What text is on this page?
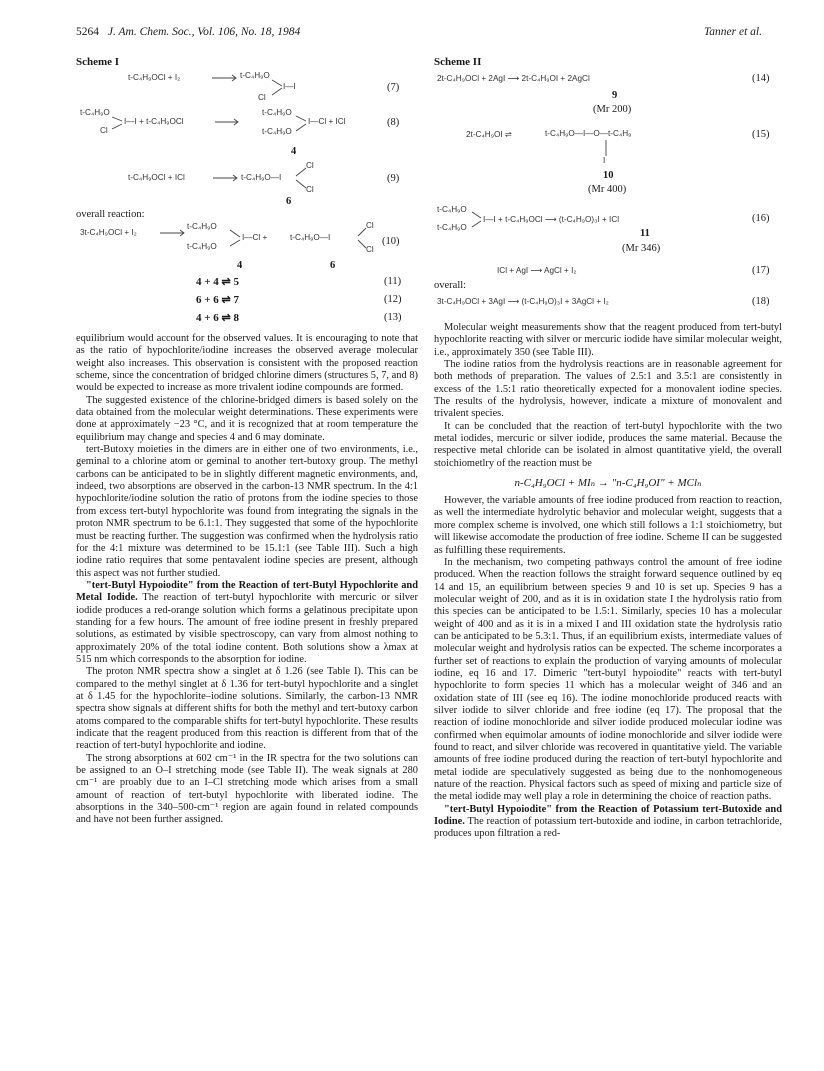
5264 J. Am. Chem. Soc., Vol. 106, No. 18, 1984	Tanner et al.
Scheme I
t-C₄H₉OCl + I₂	t-C₄H₉O
Cl
I—I	(7)
t-C₄H₉O
Cl
I—I + t-C₄H₉OCl
t-C₄H₉O
t-C₄H₉O
I—Cl + ICl	(8)
4
t-C₄H₉OCl + ICl	t-C₄H₉O—I
Cl
Cl
(9)
6
overall reaction:
3t-C₄H₉OCl + I₂
t-C₄H₉O
t-C₄H₉O
I—Cl +	t-C₄H₉O—I
Cl
Cl
(10)
4	6
4 + 4 ⇌ 5	(11)
6 + 6 ⇌ 7	(12)
4 + 6 ⇌ 8	(13)
Scheme II
2t-C₄H₉OCl + 2AgI ⟶ 2t-C₄H₉OI + 2AgCl	(14)
9
(Mr 200)
2t-C₄H₉OI ⇌	t-C₄H₉O—I—O—t-C₄H₉
I
(15)
10
(Mr 400)
t-C₄H₉O
t-C₄H₉O
I—I + t-C₄H₉OCl ⟶ (t-C₄H₉O)₃I + ICl	(16)
11
(Mr 346)
ICl + AgI ⟶ AgCl + I₂	(17)
overall:
3t-C₄H₉OCl + 3AgI ⟶ (t-C₄H₉O)₃I + 3AgCl + I₂	(18)

equilibrium would account for the observed values. It is encouraging to note that as the ratio of hypochlorite/iodine increases the observed average molecular weight also increases. This observation is consistent with the proposed reaction scheme, since the concentration of bridged chlorine dimers (structures 5, 7, and 8) would be expected to increase as more trivalent iodine compounds are formed.

The suggested existence of the chlorine-bridged dimers is based solely on the data obtained from the molecular weight determinations. These experiments were done at approximately −23 °C, and it is recognized that at room temperature the equilibrium may change and species 4 and 6 may dominate.

tert-Butoxy moieties in the dimers are in either one of two environments, i.e., geminal to a chlorine atom or geminal to another tert-butoxy group. The methyl carbons can be anticipated to be in slightly different magnetic environments, and, indeed, two absorptions are observed in the carbon-13 NMR spectrum. In the 4:1 hypochlorite/iodine solution the ratio of protons from the iodine species to those from excess tert-butyl hypochlorite was found from integrating the signals in the proton NMR spectrum to be 6.1:1. They suggested that some of the hypochlorite must be reacting further. The suggestion was confirmed when the hydrolysis ratio for the 4:1 mixture was determined to be 15.1:1 (see Table III). Such a high iodine ratio requires that some pentavalent iodine species are present, although this aspect was not further studied.

"tert-Butyl Hypoiodite" from the Reaction of tert-Butyl Hypochlorite and Metal Iodide. The reaction of tert-butyl hypochlorite with mercuric or silver iodide produces a red-orange solution which forms a gelatinous precipitate upon standing for a few hours. The amount of free iodine present in freshly prepared solutions, as estimated by visible spectroscopy, can vary from almost nothing to approximately 20% of the total iodine content. Both solutions show a λmax at 515 nm which corresponds to the absorption for iodine.

The proton NMR spectra show a singlet at δ 1.26 (see Table I). This can be compared to the methyl singlet at δ 1.36 for tert-butyl hypochlorite and a singlet at δ 1.45 for the hypochlorite–iodine solutions. Similarly, the carbon-13 NMR spectra show signals at different shifts for both the methyl and tert-butoxy carbon atoms compared to the comparable shifts for tert-butyl hypochlorite. These results indicate that the reagent produced from this reaction is different from that of the reaction of tert-butyl hypochlorite and iodine.

The strong absorptions at 602 cm⁻¹ in the IR spectra for the two solutions can be assigned to an O–I stretching mode (see Table II). The weak signals at 280 cm⁻¹ are proably due to an I–Cl stretching mode which arises from a small amount of reaction of tert-butyl hypochlorite with liberated iodine. The absorptions in the 340–500-cm⁻¹ region are again found in related compounds and have not been further assigned.

Molecular weight measurements show that the reagent produced from tert-butyl hypochlorite reacting with silver or mercuric iodide have similar molecular weight, i.e., approximately 350 (see Table III).

The iodine ratios from the hydrolysis reactions are in reasonable agreement for both methods of preparation. The values of 2.5:1 and 3.5:1 are consistently in excess of the 1.5:1 ratio theoretically expected for a monovalent iodine species. The results of the hydrolysis, however, indicate a mixture of monovalent and trivalent species.

It can be concluded that the reaction of tert-butyl hypochlorite with the two metal iodides, mercuric or silver iodide, produces the same material. Because the respective metal chloride can be isolated in almost quantitative yield, the overall stoichiometlry of the reaction must be

n-C₄H₉OCl + MIₙ → "n-C₄H₉OI" + MClₙ

However, the variable amounts of free iodine produced from reaction to reaction, as well the intermediate hydrolytic behavior and molecular weight, suggests that a more complex scheme is involved, one which still follows a 1:1 stoichiometry, but will likewise accomodate the production of free iodine. Scheme II can be suggested as fulfilling these requirements.

In the mechanism, two competing pathways control the amount of free iodine produced. When the reaction follows the straight forward sequence outlined by eq 14 and 15, an equilibrium between species 9 and 10 is set up. Species 9 has a molecular weight of 200, and as it is in oxidation state I the hydrolysis ratio from this species can be anticipated to be 1.5:1. Similarly, species 10 has a molecular weight of 400 and as it is in a mixed I and III oxidation state the hydrolysis ratio can be anticipated to be 5.3:1. Thus, if an equilibrium exists, intermediate values of molecular weight and hydrolysis ratios can be expected. The scheme incorporates a further set of reactions to explain the production of varying amounts of molecular iodine, eq 16 and 17. Dimeric "tert-butyl hypoiodite" reacts with tert-butyl hypochlorite to form species 11 which has a molecular weight of 346 and an oxidation state of III (see eq 16). The iodine monochloride produced reacts with silver iodide to silver chloride and free iodine (eq 17). The proposal that the reaction of iodine monochloride and silver iodide produced molecular iodine was confirmed when equimolar amounts of iodine monochloride and silver iodide were found to react, and silver chloride was recovered in quantitative yield. The variable amounts of free iodine produced during the reaction of tert-butyl hypochlorite and metal iodide are speculatively suggested as being due to the nonhomogeneous nature of the reaction. Physical factors such as speed of mixing and particle size of the metal iodide may well play a role in determining the choice of reaction paths.

"tert-Butyl Hypoiodite" from the Reaction of Potassium tert-Butoxide and Iodine. The reaction of potassium tert-butoxide and iodine, in carbon tetrachloride, produces upon filtration a red-
